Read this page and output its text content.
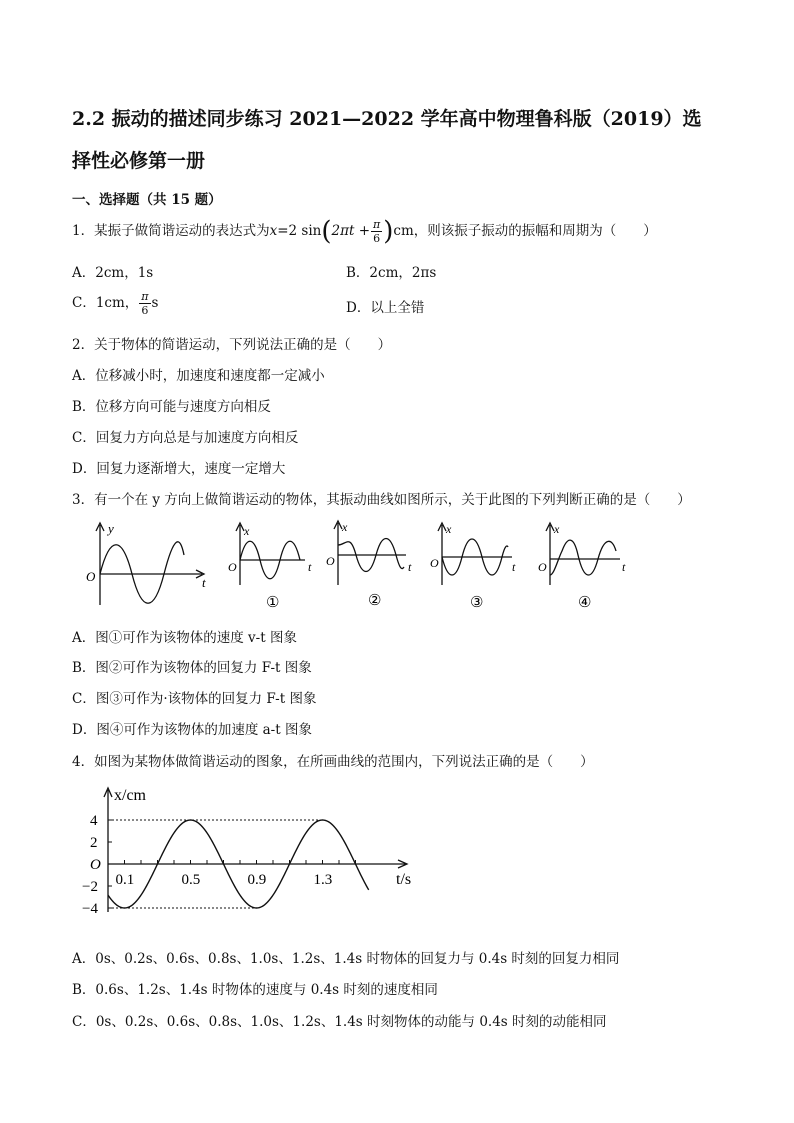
2.2 振动的描述同步练习 2021—2022 学年高中物理鲁科版（2019）选
择性必修第一册
一、选择题（共 15 题）
1．某振子做简谐运动的表达式为x=2 $\sin(2\pi t + \frac{\pi}{6} )cm$，则该振子振动的振幅和周期为（　　）
A．2cm，1s	B．2cm，2πs
C．1cm， $\frac{\pi}{6}$ s	D．以上全错
2．关于物体的简谐运动，下列说法正确的是（　　）
A．位移减小时，加速度和速度都一定减小
B．位移方向可能与速度方向相反
C．回复力方向总是与加速度方向相反
D．回复力逐渐增大，速度一定增大
3．有一个在 y 方向上做简谐运动的物体，其振动曲线如图所示，关于此图的下列判断正确的是（　　）
y
O	t
x
O	t
①
x
O	t
②
x
O	t
③
x
O	t
④
A．图①可作为该物体的速度 v-t 图象
B．图②可作为该物体的回复力 F-t 图象
C．图③可作为·该物体的回复力 F-t 图象
D．图④可作为该物体的加速度 a-t 图象
4．如图为某物体做简谐运动的图象，在所画曲线的范围内，下列说法正确的是（　　）
0.1	0.5	0.9	1.3
4
2
O
−2
−4
x/cm
t/s
A．0s、0.2s、0.6s、0.8s、1.0s、1.2s、1.4s 时物体的回复力与 0.4s 时刻的回复力相同
B．0.6s、1.2s、1.4s 时物体的速度与 0.4s 时刻的速度相同
C．0s、0.2s、0.6s、0.8s、1.0s、1.2s、1.4s 时刻物体的动能与 0.4s 时刻的动能相同
